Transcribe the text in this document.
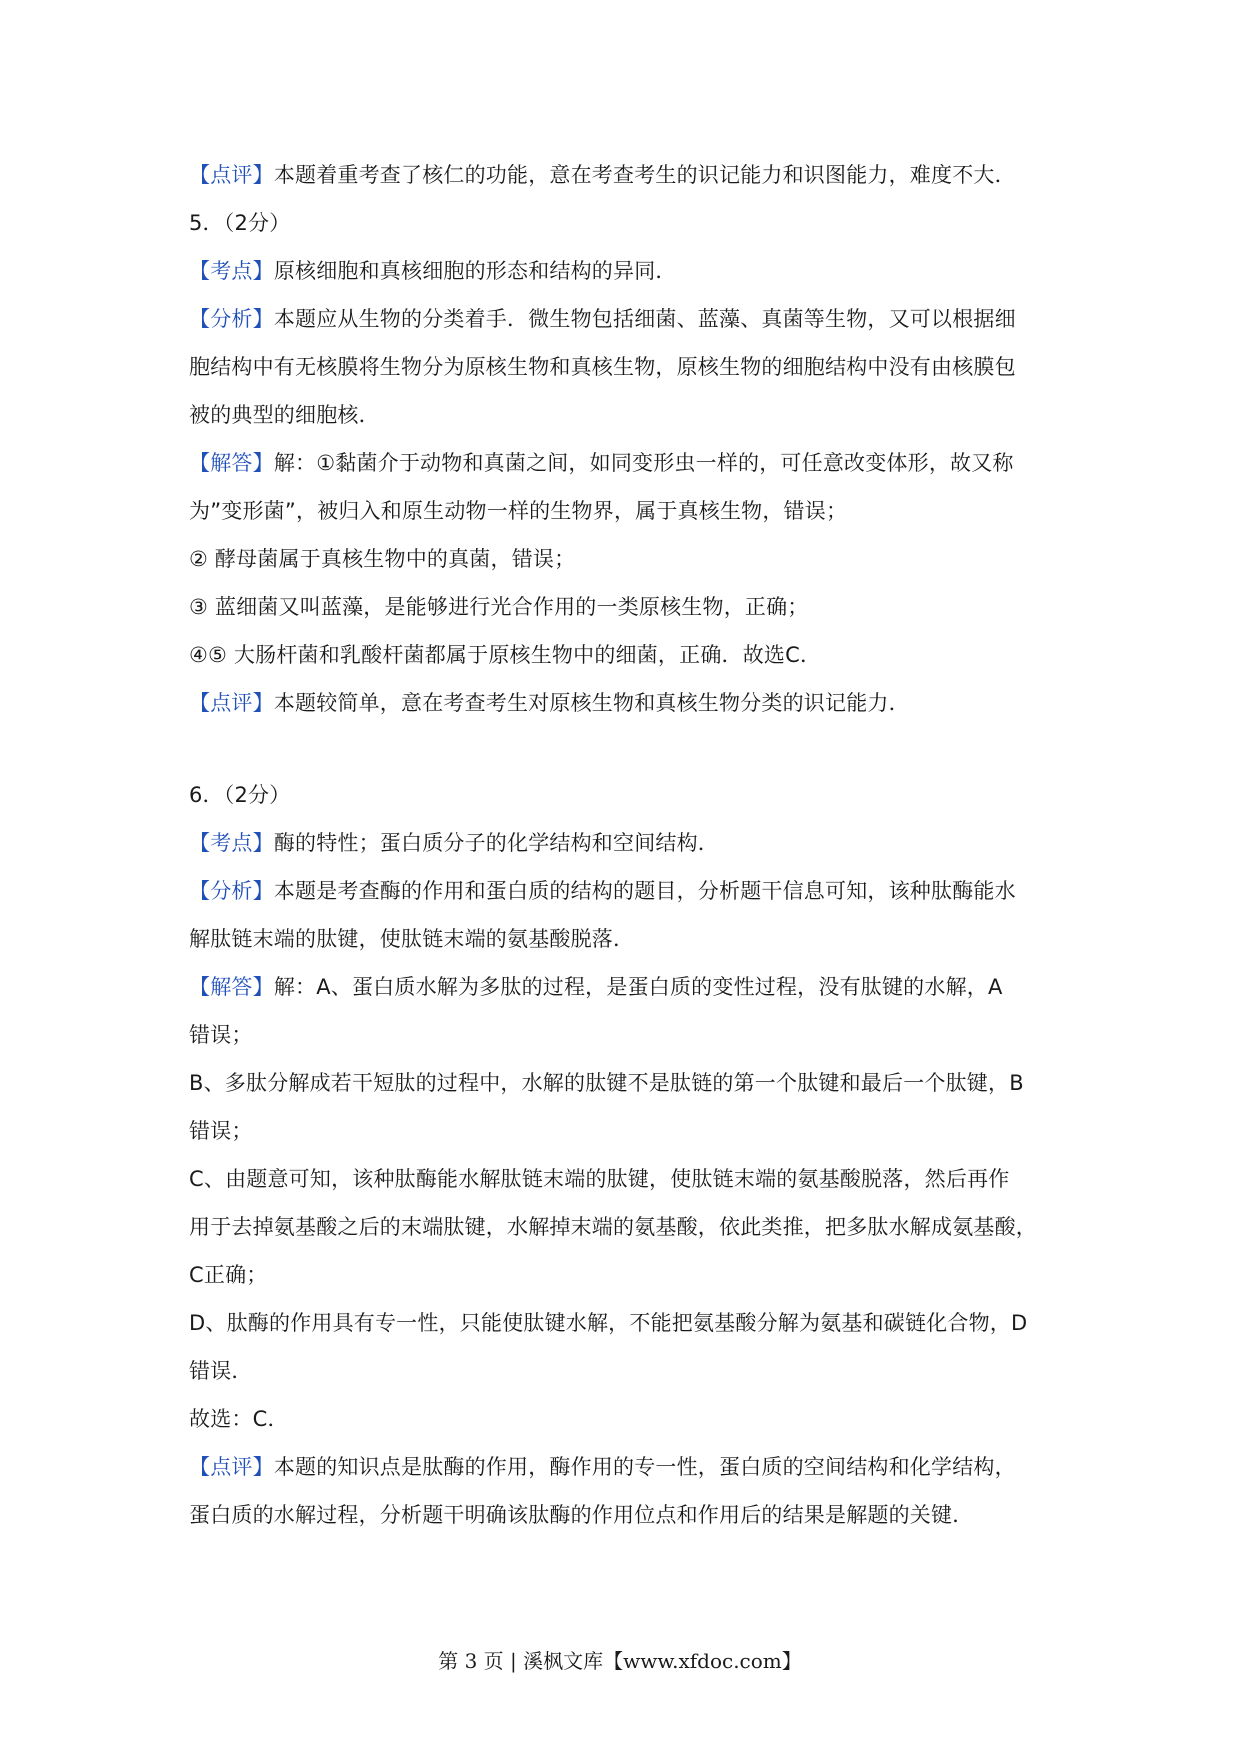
【点评】本题着重考查了核仁的功能，意在考查考生的识记能力和识图能力，难度不大．
5．（2分）
【考点】原核细胞和真核细胞的形态和结构的异同．
【分析】本题应从生物的分类着手．微生物包括细菌、蓝藻、真菌等生物，又可以根据细
胞结构中有无核膜将生物分为原核生物和真核生物，原核生物的细胞结构中没有由核膜包
被的典型的细胞核．
【解答】解：①黏菌介于动物和真菌之间，如同变形虫一样的，可任意改变体形，故又称
为”变形菌”，被归入和原生动物一样的生物界，属于真核生物，错误；
② 酵母菌属于真核生物中的真菌，错误；
③ 蓝细菌又叫蓝藻，是能够进行光合作用的一类原核生物，正确；
④⑤ 大肠杆菌和乳酸杆菌都属于原核生物中的细菌，正确．故选C．
【点评】本题较简单，意在考查考生对原核生物和真核生物分类的识记能力．
6．（2分）
【考点】酶的特性；蛋白质分子的化学结构和空间结构．
【分析】本题是考查酶的作用和蛋白质的结构的题目，分析题干信息可知，该种肽酶能水
解肽链末端的肽键，使肽链末端的氨基酸脱落．
【解答】解：A、蛋白质水解为多肽的过程，是蛋白质的变性过程，没有肽键的水解，A
错误；
B、多肽分解成若干短肽的过程中，水解的肽键不是肽链的第一个肽键和最后一个肽键，B
错误；
C、由题意可知，该种肽酶能水解肽链末端的肽键，使肽链末端的氨基酸脱落，然后再作
用于去掉氨基酸之后的末端肽键，水解掉末端的氨基酸，依此类推，把多肽水解成氨基酸，
C正确；
D、肽酶的作用具有专一性，只能使肽键水解，不能把氨基酸分解为氨基和碳链化合物，D
错误．
故选：C．
【点评】本题的知识点是肽酶的作用，酶作用的专一性，蛋白质的空间结构和化学结构，
蛋白质的水解过程，分析题干明确该肽酶的作用位点和作用后的结果是解题的关键．
第 3 页 | 溪枫文库【www.xfdoc.com】
